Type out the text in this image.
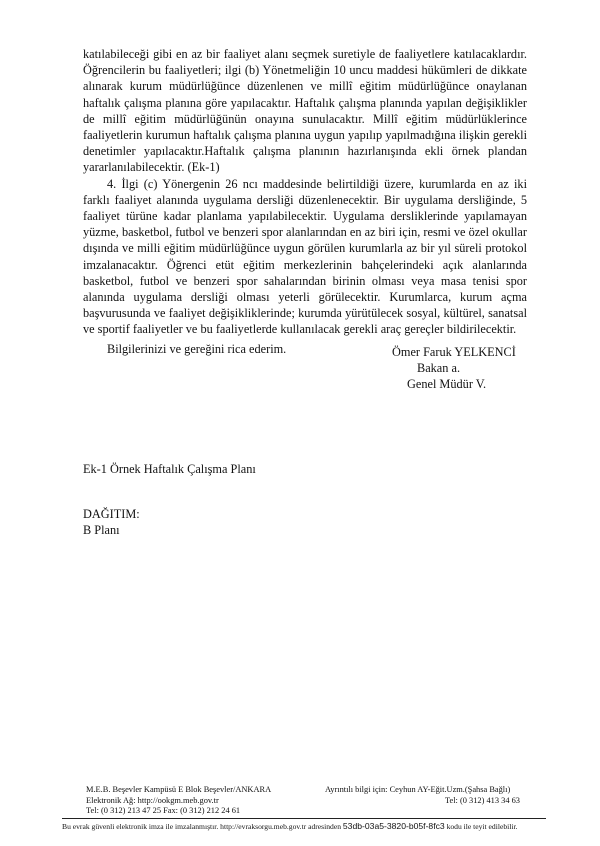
katılabileceği gibi en az bir faaliyet alanı seçmek suretiyle de faaliyetlere katılacaklardır. Öğrencilerin bu faaliyetleri; ilgi (b) Yönetmeliğin 10 uncu maddesi hükümleri de dikkate alınarak kurum müdürlüğünce düzenlenen ve millî eğitim müdürlüğünce onaylanan haftalık çalışma planına göre yapılacaktır. Haftalık çalışma planında yapılan değişiklikler de millî eğitim müdürlüğünün onayına sunulacaktır. Millî eğitim müdürlüklerince faaliyetlerin kurumun haftalık çalışma planına uygun yapılıp yapılmadığına ilişkin gerekli denetimler yapılacaktır.Haftalık çalışma planının hazırlanışında ekli örnek plandan yararlanılabilecektir. (Ek-1)

4. İlgi (c) Yönergenin 26 ncı maddesinde belirtildiği üzere, kurumlarda en az iki farklı faaliyet alanında uygulama dersliği düzenlenecektir. Bir uygulama dersliğinde, 5 faaliyet türüne kadar planlama yapılabilecektir. Uygulama dersliklerinde yapılamayan yüzme, basketbol, futbol ve benzeri spor alanlarından en az biri için, resmi ve özel okullar dışında ve milli eğitim müdürlüğünce uygun görülen kurumlarla az bir yıl süreli protokol imzalanacaktır. Öğrenci etüt eğitim merkezlerinin bahçelerindeki açık alanlarında basketbol, futbol ve benzeri spor sahalarından birinin olması veya masa tenisi spor alanında uygulama dersliği olması yeterli görülecektir. Kurumlarca, kurum açma başvurusunda ve faaliyet değişikliklerinde; kurumda yürütülecek sosyal, kültürel, sanatsal ve sportif faaliyetler ve bu faaliyetlerde kullanılacak gerekli araç gereçler bildirilecektir.

Bilgilerinizi ve gereğini rica ederim.	Ömer Faruk YELKENCİ
Bakan a.
Genel Müdür V.
Ek-1 Örnek Haftalık Çalışma Planı
DAĞITIM:
B Planı
M.E.B. Beşevler Kampüsü E Blok Beşevler/ANKARA
Elektronik Ağ: http://ookgm.meb.gov.tr
Tel: (0 312) 213 47 25 Fax: (0 312) 212 24 61
Ayrıntılı bilgi için: Ceyhun AY-Eğit.Uzm.(Şahsa Bağlı)
Tel: (0 312) 413 34 63
Bu evrak güvenli elektronik imza ile imzalanmıştır. http://evraksorgu.meb.gov.tr adresinden 53db-03a5-3820-b05f-8fc3 kodu ile teyit edilebilir.
